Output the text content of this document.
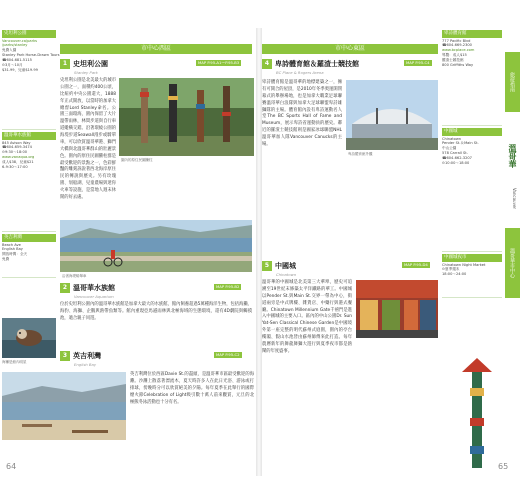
史坦利公園
Vancouver.ca/parks
/parks/stanley
免費入園
Stanley Park Horse-Drawn Tours
☎604-681-5115
⊙3月～10月
$31.99，兒童$19.99
溫哥華水族館
845 Avison Way
☎604-659-3474
⊙9:30～18:00
www.vanaqua.org
成人$38、兒童$21
6-9:30～17:00
英吉利灣
Beach Ave
English Bay
開放時間：全天
免費
海獺是館內明星
市中心西區
1 史坦利公園	MAP P.95-A1～P.95-B3
Stanley Park
史坦利公園是北美最大的城市公園之一，面積約400公頃，比紐約中央公園還大，1888年正式開放，以當時的加拿大總督Lord Stanley命名。公園三面環海，園內保留了大片溫帶雨林，林間步道與自行車道縱橫交錯。沿著環繞公園的海堤步道Seawall漫步或騎單車，可以欣賞溫哥華港、獅門大橋與北溫哥華群山的壯麗景色。園內的原住民圖騰柱群是最受歡迎的景點之一，色彩鮮豔的雕刻訴說著西北海岸原住民的傳說與歷史。另有玫瑰園、划船湖、兒童農場與迷你火車等設施，是當地人週末休閒的好去處。
園內的原住民圖騰柱
沿著海堤騎單車
2 溫哥華水族館	MAP P.95-B2
Vancouver Aquarium
位於史坦利公園內的溫哥華水族館是加拿大最大的水族館，館內飼養超過5萬種海洋生物，包括海獺、海豹、海獅、企鵝與熱帶魚類等。館內重現亞馬遜雨林與北極海域的生態環境，還有4D劇院與觸摸池，適合親子同遊。
3 英吉利灣	MAP P.95-C2
English Bay
英吉利灣位於西區Davie St.的盡頭，是溫哥華市區最受歡迎的海灘。沙灘上散落著漂流木，夏天時許多人在此日光浴、游泳或打排球，傍晚時分可以欣賞絕美的夕陽。每年夏季在此舉行的國際煙火節Celebration of Light吸引數十萬人前來觀賞，元旦的北極熊冬泳活動也十分有名。
市中心東區
4 卑詩體育館＆羅渣士競技館	MAP P.95-C4
BC Place & Rogers Arena
卑詩體育館是溫哥華的地標建築之一，擁有可開合的屋頂，是2010年冬季奧運開閉幕式的舉辦場地，也是加拿大職業足球聯賽溫哥華白浪隊與加拿大足球聯盟卑詩雄獅隊的主場。體育館內設有卑詩運動名人堂The BC Sports Hall of Fame and Museum，展示卑詩省運動員的歷史。鄰近的羅渣士競技館則是國家冰球聯盟NHL溫哥華加人隊Vancouver Canucks的主場。
卑詩體育館外觀
5 中國城	MAP P.95-D4
Chinatown
溫哥華的中國城是北美第三大華埠，歷史可追溯至19世紀末修築太平洋鐵路的華工。中國城以Pender St.與Main St.交界一帶為中心，街道兩旁是中式牌樓、雜貨店、中藥行與港式餐廳。Chinatown Millennium Gate千禧門是進入中國城的主要入口。區內的中山公園Dr. Sun Yat-Sen Classical Chinese Garden是中國境外第一座完整的明代蘇州式庭園，園內的亭台樓閣、假山水池皆由蘇州師傅來此打造。每年農曆新年的舞龍舞獅大遊行與夏季夜市都是熱鬧的年度盛事。
卑詩體育館
777 Pacific Blvd
☎604-669-2300
www.bcplace.com
導覽：成人$15
羅渣士競技館
800 Griffiths Way
中國城
Chinatown
Pender St.＆Main St.
中山公園
578 Carrall St.
☎604-662-3207
⊙10:00～18:00
中國城夜市
Chinatown Night Market
⊙夏季週末
18:00～24:00
旅遊指南
溫哥華
Vancouver
溫哥華市中心
64	65
